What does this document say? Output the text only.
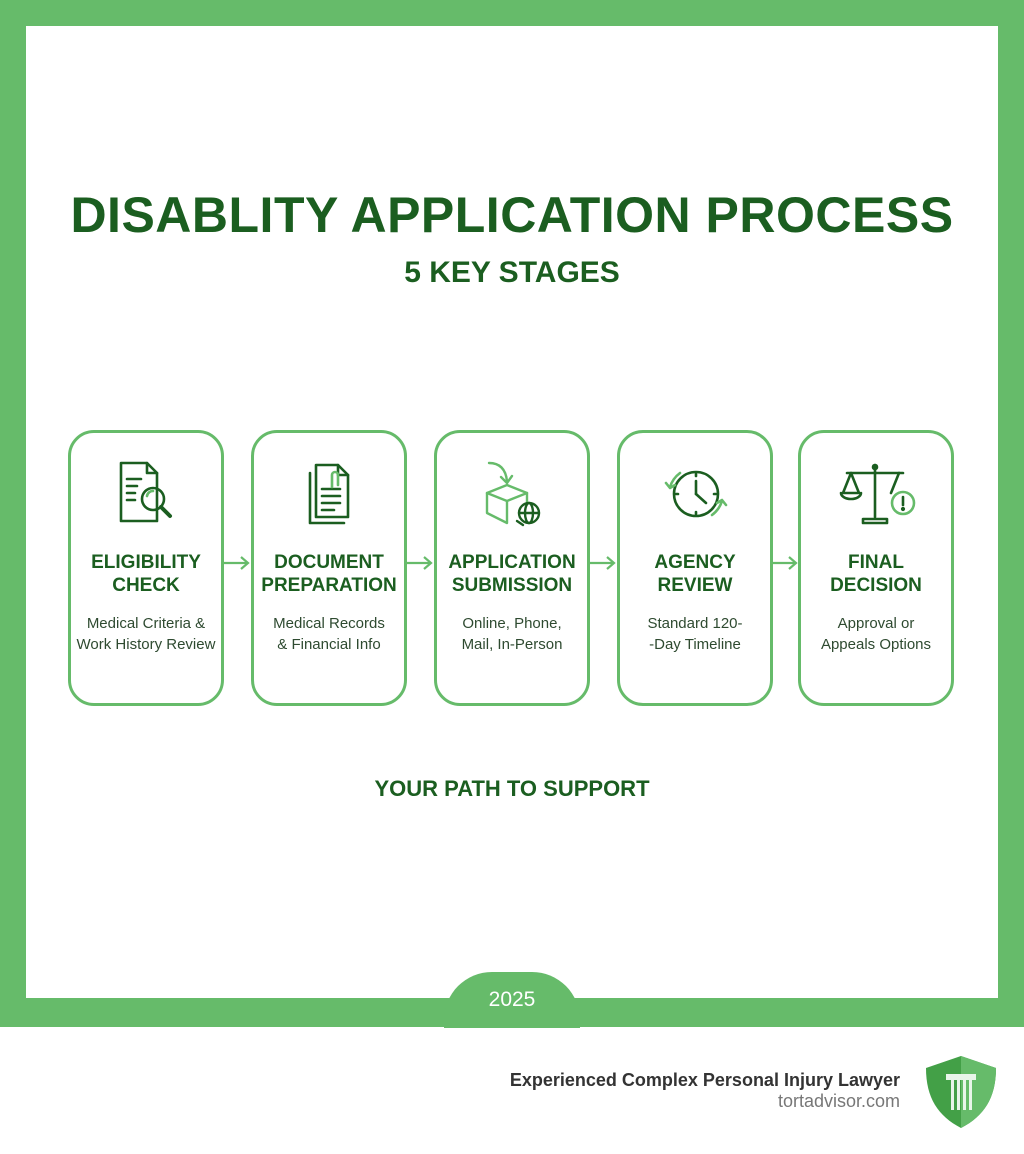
DISABLITY APPLICATION PROCESS
5 KEY STAGES
ELIGIBILITY
CHECK
Medical Criteria &
Work History Review
DOCUMENT
PREPARATION
Medical Records
& Financial Info
APPLICATION
SUBMISSION
Online, Phone,
Mail, In-Person
AGENCY
REVIEW
Standard 120-
-Day Timeline
FINAL
DECISION
Approval or
Appeals Options
YOUR PATH TO SUPPORT
2025
Experienced Complex Personal Injury Lawyer
tortadvisor.com
